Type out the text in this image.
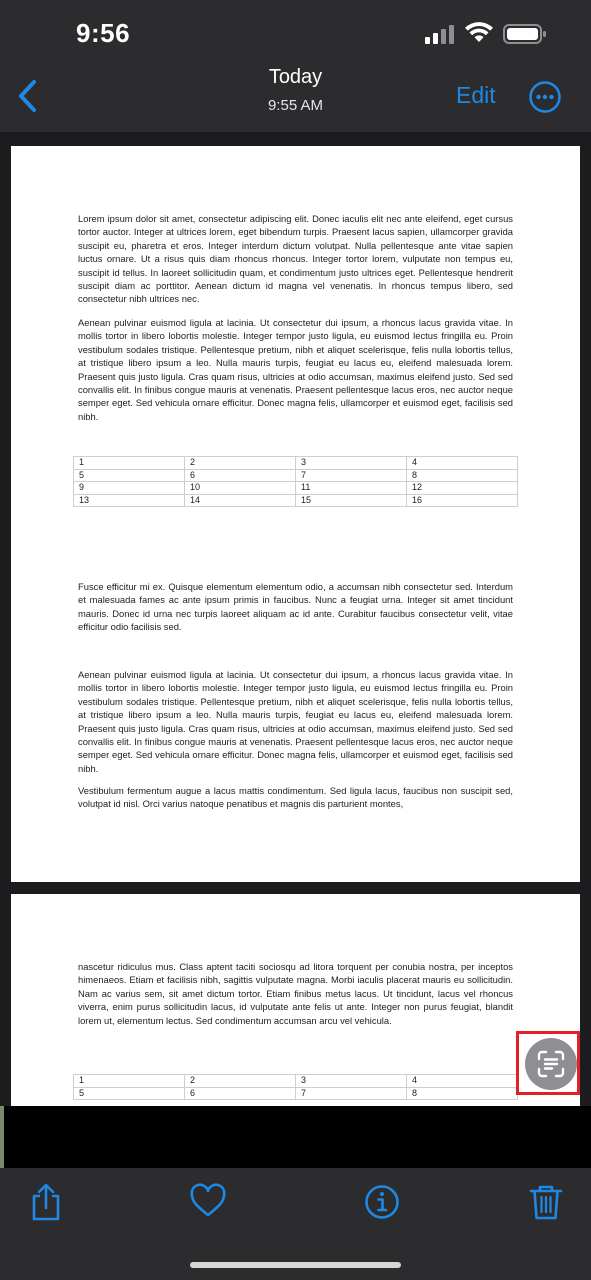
9:56
Today
9:55 AM	Edit

Lorem ipsum dolor sit amet, consectetur adipiscing elit. Donec iaculis elit nec ante eleifend, eget cursus tortor auctor. Integer at ultrices lorem, eget bibendum turpis. Praesent lacus sapien, ullamcorper gravida suscipit eu, pharetra et eros. Integer interdum dictum volutpat. Nulla pellentesque ante vitae sapien luctus ornare. Ut a risus quis diam rhoncus rhoncus. Integer tortor lorem, vulputate non tempus eu, suscipit id tellus. In laoreet sollicitudin quam, et condimentum justo ultrices eget. Pellentesque hendrerit suscipit diam ac porttitor. Aenean dictum id magna vel venenatis. In rhoncus tempus libero, sed consectetur nibh ultrices nec.

Aenean pulvinar euismod ligula at lacinia. Ut consectetur dui ipsum, a rhoncus lacus gravida vitae. In mollis tortor in libero lobortis molestie. Integer tempor justo ligula, eu euismod lectus fringilla eu. Proin vestibulum sodales tristique. Pellentesque pretium, nibh et aliquet scelerisque, felis nulla lobortis tellus, at tristique libero ipsum a leo. Nulla mauris turpis, feugiat eu lacus eu, eleifend malesuada lorem. Praesent quis justo ligula. Cras quam risus, ultricies at odio accumsan, maximus eleifend justo. Sed sed convallis elit. In finibus congue mauris at venenatis. Praesent pellentesque lacus eros, nec auctor neque semper eget. Sed vehicula ornare efficitur. Donec magna felis, ullamcorper et euismod eget, facilisis sed nibh.

1	2	3	4
5	6	7	8
9	10	11	12
13	14	15	16

Fusce efficitur mi ex. Quisque elementum elementum odio, a accumsan nibh consectetur sed. Interdum et malesuada fames ac ante ipsum primis in faucibus. Nunc a feugiat urna. Integer sit amet tincidunt mauris. Donec id urna nec turpis laoreet aliquam ac id ante. Curabitur faucibus consectetur velit, vitae efficitur odio facilisis sed.

Aenean pulvinar euismod ligula at lacinia. Ut consectetur dui ipsum, a rhoncus lacus gravida vitae. In mollis tortor in libero lobortis molestie. Integer tempor justo ligula, eu euismod lectus fringilla eu. Proin vestibulum sodales tristique. Pellentesque pretium, nibh et aliquet scelerisque, felis nulla lobortis tellus, at tristique libero ipsum a leo. Nulla mauris turpis, feugiat eu lacus eu, eleifend malesuada lorem. Praesent quis justo ligula. Cras quam risus, ultricies at odio accumsan, maximus eleifend justo. Sed sed convallis elit. In finibus congue mauris at venenatis. Praesent pellentesque lacus eros, nec auctor neque semper eget. Sed vehicula ornare efficitur. Donec magna felis, ullamcorper et euismod eget, facilisis sed nibh.

Vestibulum fermentum augue a lacus mattis condimentum. Sed ligula lacus, faucibus non suscipit sed, volutpat id nisl. Orci varius natoque penatibus et magnis dis parturient montes,

nascetur ridiculus mus. Class aptent taciti sociosqu ad litora torquent per conubia nostra, per inceptos himenaeos. Etiam et facilisis nibh, sagittis vulputate magna. Morbi iaculis placerat mauris eu sollicitudin. Nam ac varius sem, sit amet dictum tortor. Etiam finibus metus lacus. Ut tincidunt, lacus vel rhoncus viverra, enim purus sollicitudin lacus, id vulputate ante felis ut ante. Integer non purus feugiat, blandit lorem ut, elementum lectus. Sed condimentum accumsan arcu vel vehicula.

1	2	3	4
5	6	7	8
